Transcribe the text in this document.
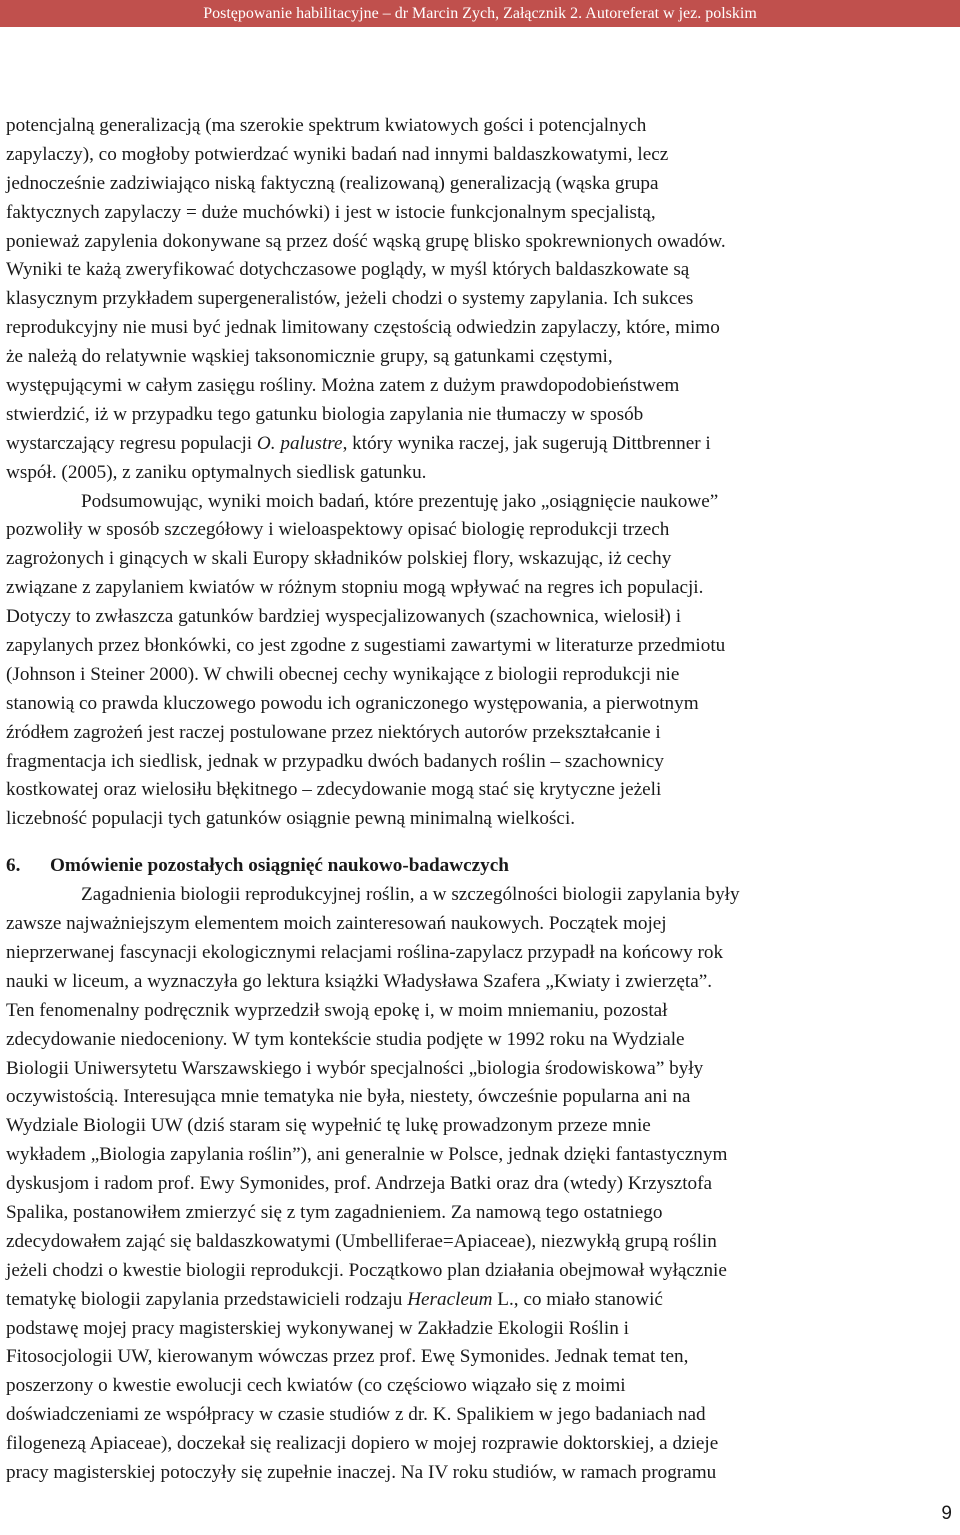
Postępowanie habilitacyjne – dr Marcin Zych, Załącznik 2. Autoreferat w jez. polskim
potencjalną generalizacją (ma szerokie spektrum kwiatowych gości i potencjalnych
zapylaczy), co mogłoby potwierdzać wyniki badań nad innymi baldaszkowatymi, lecz
jednocześnie zadziwiająco niską faktyczną (realizowaną) generalizacją (wąska grupa
faktycznych zapylaczy = duże muchówki) i jest w istocie funkcjonalnym specjalistą,
ponieważ zapylenia dokonywane są przez dość wąską grupę blisko spokrewnionych owadów.
Wyniki te każą zweryfikować dotychczasowe poglądy, w myśl których baldaszkowate są
klasycznym przykładem supergeneralistów, jeżeli chodzi o systemy zapylania. Ich sukces
reprodukcyjny nie musi być jednak limitowany częstością odwiedzin zapylaczy, które, mimo
że należą do relatywnie wąskiej taksonomicznie grupy, są gatunkami częstymi,
występującymi w całym zasięgu rośliny. Można zatem z dużym prawdopodobieństwem
stwierdzić, iż w przypadku tego gatunku biologia zapylania nie tłumaczy w sposób
wystarczający regresu populacji O. palustre, który wynika raczej, jak sugerują Dittbrenner i
współ. (2005), z zaniku optymalnych siedlisk gatunku.
Podsumowując, wyniki moich badań, które prezentuję jako „osiągnięcie naukowe”
pozwoliły w sposób szczegółowy i wieloaspektowy opisać biologię reprodukcji trzech
zagrożonych i ginących w skali Europy składników polskiej flory, wskazując, iż cechy
związane z zapylaniem kwiatów w różnym stopniu mogą wpływać na regres ich populacji.
Dotyczy to zwłaszcza gatunków bardziej wyspecjalizowanych (szachownica, wielosił) i
zapylanych przez błonkówki, co jest zgodne z sugestiami zawartymi w literaturze przedmiotu
(Johnson i Steiner 2000). W chwili obecnej cechy wynikające z biologii reprodukcji nie
stanowią co prawda kluczowego powodu ich ograniczonego występowania, a pierwotnym
źródłem zagrożeń jest raczej postulowane przez niektórych autorów przekształcanie i
fragmentacja ich siedlisk, jednak w przypadku dwóch badanych roślin – szachownicy
kostkowatej oraz wielosiłu błękitnego – zdecydowanie mogą stać się krytyczne jeżeli
liczebność populacji tych gatunków osiągnie pewną minimalną wielkości.
6. Omówienie pozostałych osiągnięć naukowo-badawczych
Zagadnienia biologii reprodukcyjnej roślin, a w szczególności biologii zapylania były
zawsze najważniejszym elementem moich zainteresowań naukowych. Początek mojej
nieprzerwanej fascynacji ekologicznymi relacjami roślina-zapylacz przypadł na końcowy rok
nauki w liceum, a wyznaczyła go lektura książki Władysława Szafera „Kwiaty i zwierzęta”.
Ten fenomenalny podręcznik wyprzedził swoją epokę i, w moim mniemaniu, pozostał
zdecydowanie niedoceniony. W tym kontekście studia podjęte w 1992 roku na Wydziale
Biologii Uniwersytetu Warszawskiego i wybór specjalności „biologia środowiskowa” były
oczywistością. Interesująca mnie tematyka nie była, niestety, ówcześnie popularna ani na
Wydziale Biologii UW (dziś staram się wypełnić tę lukę prowadzonym przeze mnie
wykładem „Biologia zapylania roślin”), ani generalnie w Polsce, jednak dzięki fantastycznym
dyskusjom i radom prof. Ewy Symonides, prof. Andrzeja Batki oraz dra (wtedy) Krzysztofa
Spalika, postanowiłem zmierzyć się z tym zagadnieniem. Za namową tego ostatniego
zdecydowałem zająć się baldaszkowatymi (Umbelliferae=Apiaceae), niezwykłą grupą roślin
jeżeli chodzi o kwestie biologii reprodukcji. Początkowo plan działania obejmował wyłącznie
tematykę biologii zapylania przedstawicieli rodzaju Heracleum L., co miało stanowić
podstawę mojej pracy magisterskiej wykonywanej w Zakładzie Ekologii Roślin i
Fitosocjologii UW, kierowanym wówczas przez prof. Ewę Symonides. Jednak temat ten,
poszerzony o kwestie ewolucji cech kwiatów (co częściowo wiązało się z moimi
doświadczeniami ze współpracy w czasie studiów z dr. K. Spalikiem w jego badaniach nad
filogenezą Apiaceae), doczekał się realizacji dopiero w mojej rozprawie doktorskiej, a dzieje
pracy magisterskiej potoczyły się zupełnie inaczej. Na IV roku studiów, w ramach programu
9
